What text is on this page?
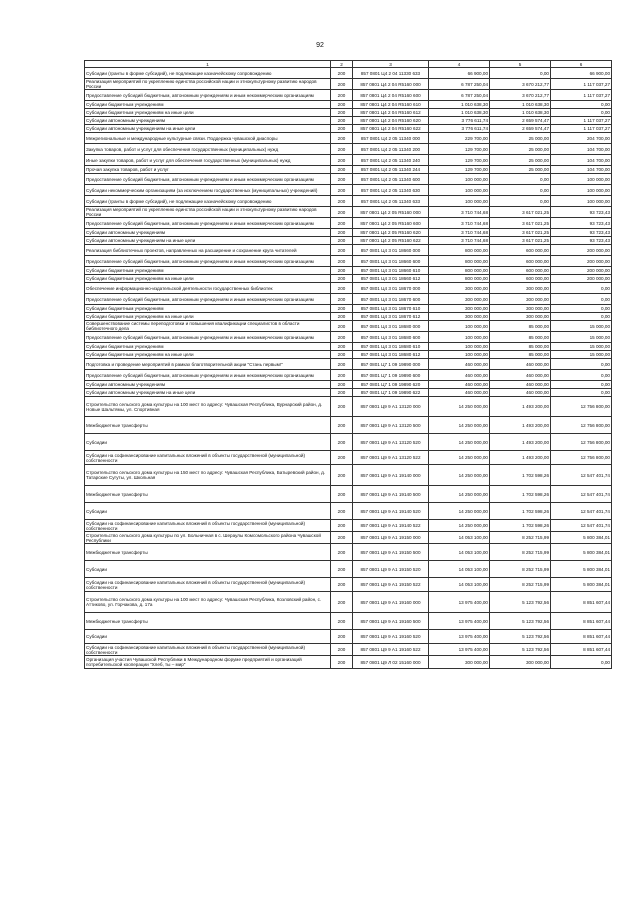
92
1	2	3	4	5	6
Субсидии (гранты в форме субсидий), не подлежащие казначейскому сопровождению	200	857 0801 Ц4 2 04 11330 633	66 900,00	0,00	66 900,00
Реализация мероприятий по укреплению единства российской нации и этнокультурному развитию народов России	200	857 0801 Ц4 2 04 R5160 000	6 787 250,04	3 670 212,77	1 117 037,27
Предоставление субсидий бюджетным, автономным учреждениям и иным некоммерческим организациям	200	857 0801 Ц4 2 04 R5160 600	6 787 250,04	3 670 212,77	1 117 037,27
Субсидии бюджетным учреждениям	200	857 0801 Ц4 2 04 R5160 610	1 010 638,30	1 010 638,30	0,00
Субсидии бюджетным учреждениям на иные цели	200	857 0801 Ц4 2 04 R5160 612	1 010 638,30	1 010 638,30	0,00
Субсидии автономным учреждениям	200	857 0801 Ц4 2 04 R5160 620	3 776 611,74	2 659 574,47	1 117 037,27
Субсидии автономным учреждениям на иные цели	200	857 0801 Ц4 2 04 R5160 622	3 776 611,74	2 659 574,47	1 117 037,27
Межрегиональные и международные культурные связи. Поддержка чувашской диаспоры	200	857 0801 Ц4 2 05 11340 000	229 700,00	25 000,00	204 700,00
Закупка товаров, работ и услуг для обеспечения государственных (муниципальных) нужд	200	857 0801 Ц4 2 05 11340 200	129 700,00	25 000,00	104 700,00
Иные закупки товаров, работ и услуг для обеспечения государственных (муниципальных) нужд	200	857 0801 Ц4 2 05 11340 240	129 700,00	25 000,00	104 700,00
Прочая закупка товаров, работ и услуг	200	857 0801 Ц4 2 05 11340 244	129 700,00	25 000,00	104 700,00
Предоставление субсидий бюджетным, автономным учреждениям и иным некоммерческим организациям	200	857 0801 Ц4 2 05 11340 600	100 000,00	0,00	100 000,00
Субсидии некоммерческим организациям (за исключением государственных (муниципальных) учреждений)	200	857 0801 Ц4 2 05 11340 630	100 000,00	0,00	100 000,00
Субсидии (гранты в форме субсидий), не подлежащие казначейскому сопровождению	200	857 0801 Ц4 2 05 11340 633	100 000,00	0,00	100 000,00
Реализация мероприятий по укреплению единства российской нации и этнокультурному развитию народов России	200	857 0801 Ц4 2 05 R5160 000	3 710 744,68	3 617 021,25	93 723,43
Предоставление субсидий бюджетным, автономным учреждениям и иным некоммерческим организациям	200	857 0801 Ц4 2 05 R5160 600	3 710 744,68	3 617 021,25	93 723,43
Субсидии автономным учреждениям	200	857 0801 Ц4 2 05 R5160 620	3 710 744,68	3 617 021,25	93 723,43
Субсидии автономным учреждениям на иные цели	200	857 0801 Ц4 2 05 R5160 622	3 710 744,68	3 617 021,25	93 723,43
Реализация библиотечных проектов, направленных на расширение и сохранение круга читателей	200	857 0801 Ц4 3 01 18660 000	800 000,00	600 000,00	200 000,00
Предоставление субсидий бюджетным, автономным учреждениям и иным некоммерческим организациям	200	857 0801 Ц4 3 01 18660 600	800 000,00	600 000,00	200 000,00
Субсидии бюджетным учреждениям	200	857 0801 Ц4 3 01 18660 610	800 000,00	600 000,00	200 000,00
Субсидии бюджетным учреждениям на иные цели	200	857 0801 Ц4 3 01 18660 612	800 000,00	600 000,00	200 000,00
Обеспечение информационно-издательской деятельности государственных библиотек	200	857 0801 Ц4 3 01 18670 000	300 000,00	300 000,00	0,00
Предоставление субсидий бюджетным, автономным учреждениям и иным некоммерческим организациям	200	857 0801 Ц4 3 01 18670 600	300 000,00	300 000,00	0,00
Субсидии бюджетным учреждениям	200	857 0801 Ц4 3 01 18670 610	300 000,00	300 000,00	0,00
Субсидии бюджетным учреждениям на иные цели	200	857 0801 Ц4 3 01 18670 612	300 000,00	300 000,00	0,00
Совершенствование системы переподготовки и повышения квалификации специалистов в области библиотечного дела	200	857 0801 Ц4 3 01 18680 000	100 000,00	85 000,00	15 000,00
Предоставление субсидий бюджетным, автономным учреждениям и иным некоммерческим организациям	200	857 0801 Ц4 3 01 18680 600	100 000,00	85 000,00	15 000,00
Субсидии бюджетным учреждениям	200	857 0801 Ц4 3 01 18680 610	100 000,00	85 000,00	15 000,00
Субсидии бюджетным учреждениям на иные цели	200	857 0801 Ц4 3 01 18680 612	100 000,00	85 000,00	15 000,00
Подготовка и проведение мероприятий в рамках благотворительной акции "Стань первым!"	200	857 0801 Ц7 1 09 19890 000	460 000,00	460 000,00	0,00
Предоставление субсидий бюджетным, автономным учреждениям и иным некоммерческим организациям	200	857 0801 Ц7 1 09 19890 600	460 000,00	460 000,00	0,00
Субсидии автономным учреждениям	200	857 0801 Ц7 1 09 19890 620	460 000,00	460 000,00	0,00
Субсидии автономным учреждениям на иные цели	200	857 0801 Ц7 1 09 19890 622	460 000,00	460 000,00	0,00
Строительство сельского дома культуры на 100 мест по адресу: Чувашская Республика, Вурнарский район, д. Новые Шальтямы, ул. Спортивная	200	857 0801 Ц9 9 А1 13120 000	14 250 000,00	1 493 200,00	12 756 800,00
Межбюджетные трансферты	200	857 0801 Ц9 9 А1 13120 500	14 250 000,00	1 493 200,00	12 756 800,00
Субсидии	200	857 0801 Ц9 9 А1 13120 520	14 250 000,00	1 493 200,00	12 756 800,00
Субсидии на софинансирование капитальных вложений в объекты государственной (муниципальной) собственности	200	857 0801 Ц9 9 А1 13120 522	14 250 000,00	1 493 200,00	12 756 800,00
Строительство сельского дома культуры на 150 мест по адресу: Чувашская Республика, Батыревский район, д. Татарские Сугуты, ул. Школьная	200	857 0801 Ц9 9 А1 19140 000	14 250 000,00	1 702 598,26	12 547 401,74
Межбюджетные трансферты	200	857 0801 Ц9 9 А1 19140 500	14 250 000,00	1 702 598,26	12 547 401,74
Субсидии	200	857 0801 Ц9 9 А1 19140 520	14 250 000,00	1 702 598,26	12 547 401,74
Субсидии на софинансирование капитальных вложений в объекты государственной (муниципальной) собственности	200	857 0801 Ц9 9 А1 19140 522	14 250 000,00	1 702 598,26	12 547 401,74
Строительство сельского дома культуры по ул. Больничная в с. Шераулы Комсомольского района Чувашской Республики	200	857 0801 Ц9 9 А1 19150 000	14 053 100,00	8 252 715,99	5 800 384,01
Межбюджетные трансферты	200	857 0801 Ц9 9 А1 19150 500	14 053 100,00	8 252 715,99	5 800 384,01
Субсидии	200	857 0801 Ц9 9 А1 19150 520	14 053 100,00	8 252 715,99	5 800 384,01
Субсидии на софинансирование капитальных вложений в объекты государственной (муниципальной) собственности	200	857 0801 Ц9 9 А1 19150 522	14 053 100,00	8 252 715,99	5 800 384,01
Строительство сельского дома культуры на 100 мест по адресу: Чувашская Республика, Козловский район, с. Аттиково, ул. Горчакова, д. 17а	200	857 0801 Ц9 9 А1 19160 000	13 975 400,00	5 123 792,56	8 851 607,44
Межбюджетные трансферты	200	857 0801 Ц9 9 А1 19160 500	13 975 400,00	5 123 792,56	8 851 607,44
Субсидии	200	857 0801 Ц9 9 А1 19160 520	13 975 400,00	5 123 792,56	8 851 607,44
Субсидии на софинансирование капитальных вложений в объекты государственной (муниципальной) собственности	200	857 0801 Ц9 9 А1 19160 522	13 975 400,00	5 123 792,56	8 851 607,44
Организация участия Чувашской Республики в Международном форуме предприятий и организаций потребительской кооперации "Хлеб, ты – мир"	200	857 0801 Ц9 Л 02 15160 000	300 000,00	300 000,00	0,00
